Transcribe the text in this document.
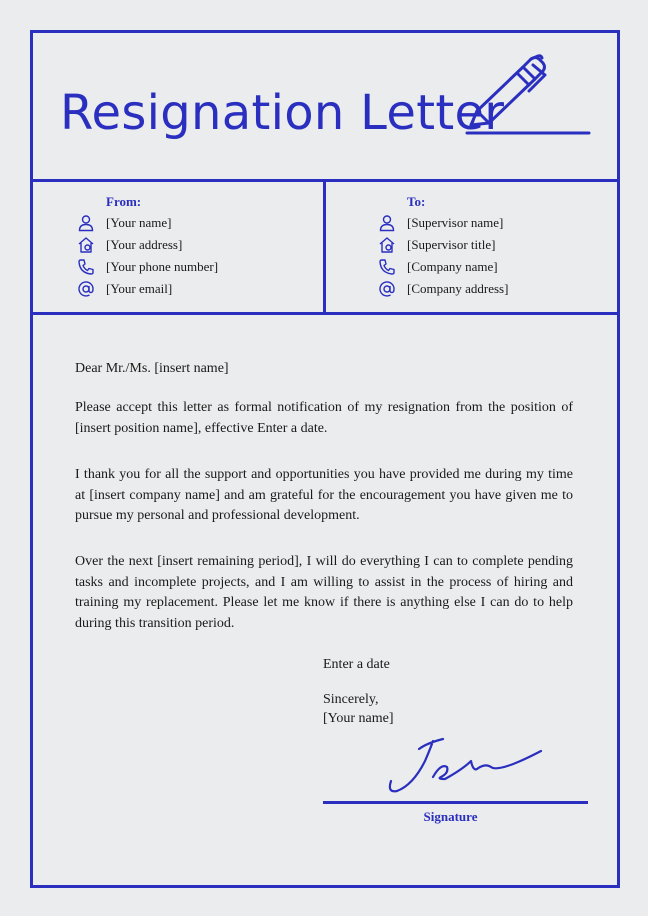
Resignation Letter
From:
[Your name]
[Your address]
[Your phone number]
[Your email]
To:
[Supervisor name]
[Supervisor title]
[Company name]
[Company address]
Dear Mr./Ms. [insert name]
Please accept this letter as formal notification of my resignation from the position of [insert position name], effective Enter a date.
I thank you for all the support and opportunities you have provided me during my time at [insert company name] and am grateful for the encouragement you have given me to pursue my personal and professional development.
Over the next [insert remaining period], I will do everything I can to complete pending tasks and incomplete projects, and I am willing to assist in the process of hiring and training my replacement. Please let me know if there is anything else I can do to help during this transition period.
Enter a date
Sincerely,
[Your name]
Signature
